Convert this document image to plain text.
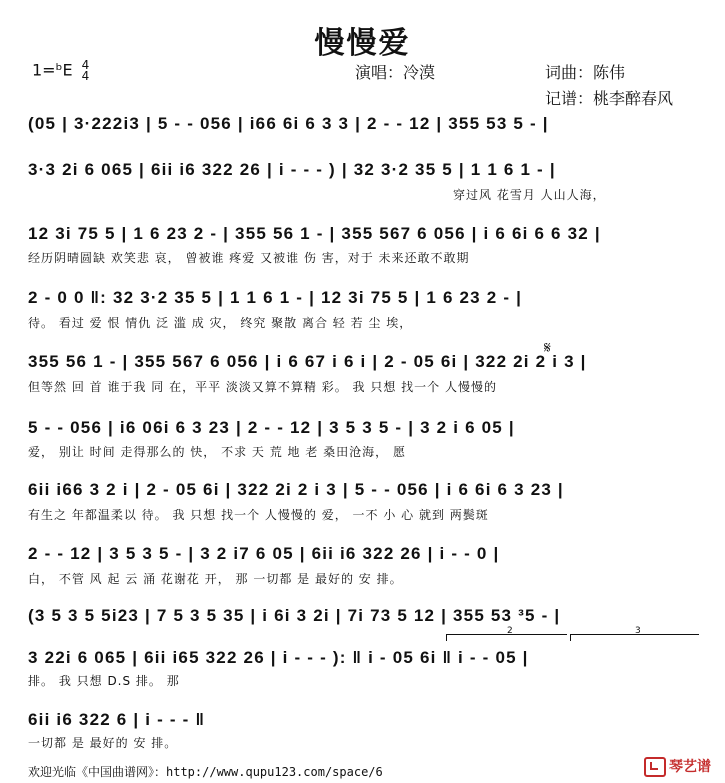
慢慢爱
1=ᵇE 4
4	演唱：冷漠	词曲：陈伟
记谱：桃李醉春风
(05 | 3·222i3 | 5 - - 056 | i66 6i 6 3 3 | 2 - - 12 | 355 53 5 - |
3·3 2i 6 065 | 6ii i6 322 26 | i - - - ) | 32 3·2 35 5 | 1 1 6 1 - |
穿过风 花雪月 人山人海，
12 3i 75 5 | 1 6 23 2 - | 355 56 1 - | 355 567 6 056 | i 6 6i 6 6 32 |
经历阴晴圆缺 欢笑悲 哀， 曾被谁 疼爱 又被谁 伤 害，对于 未来还敢不敢期
2 - 0 0 ‖: 32 3·2 35 5 | 1 1 6 1 - | 12 3i 75 5 | 1 6 23 2 - |
待。 看过 爱 恨 情仇 泛 滥 成 灾， 终究 聚散 离合 轻 若 尘 埃，
355 56 1 - | 355 567 6 056 | i 6 67 i 6 i | 2 - 05 6i | 322 2i 2 i 3 |
𝄋
但等然 回 首 谁于我 同 在，平平 淡淡又算不算精 彩。 我 只想 找一个 人慢慢的
5 - - 056 | i6 06i 6 3 23 | 2 - - 12 | 3 5 3 5 - | 3 2 i 6 05 |
爱， 别让 时间 走得那么的 快， 不求 天 荒 地 老 桑田沧海， 愿
6ii i66 3 2 i | 2 - 05 6i | 322 2i 2 i 3 | 5 - - 056 | i 6 6i 6 3 23 |
有生之 年都温柔以 待。 我 只想 找一个 人慢慢的 爱， 一不 小 心 就到 两鬓斑
2 - - 12 | 3 5 3 5 - | 3 2 i7 6 05 | 6ii i6 322 26 | i - - 0 |
白， 不管 风 起 云 涌 花谢花 开， 那 一切都 是 最好的 安 排。
(3 5 3 5 5i23 | 7 5 3 5 35 | i 6i 3 2i | 7i 73 5 12 | 355 53 ³5 - |
2	3
3 22i 6 065 | 6ii i65 322 26 | i - - - ): ‖ i - 05 6i ‖ i - - 05 |
排。 我 只想 D.S 排。 那
6ii i6 322 6 | i - - - ‖
一切都 是 最好的 安 排。
欢迎光临《中国曲谱网》：http://www.qupu123.com/space/6	琴艺谱
